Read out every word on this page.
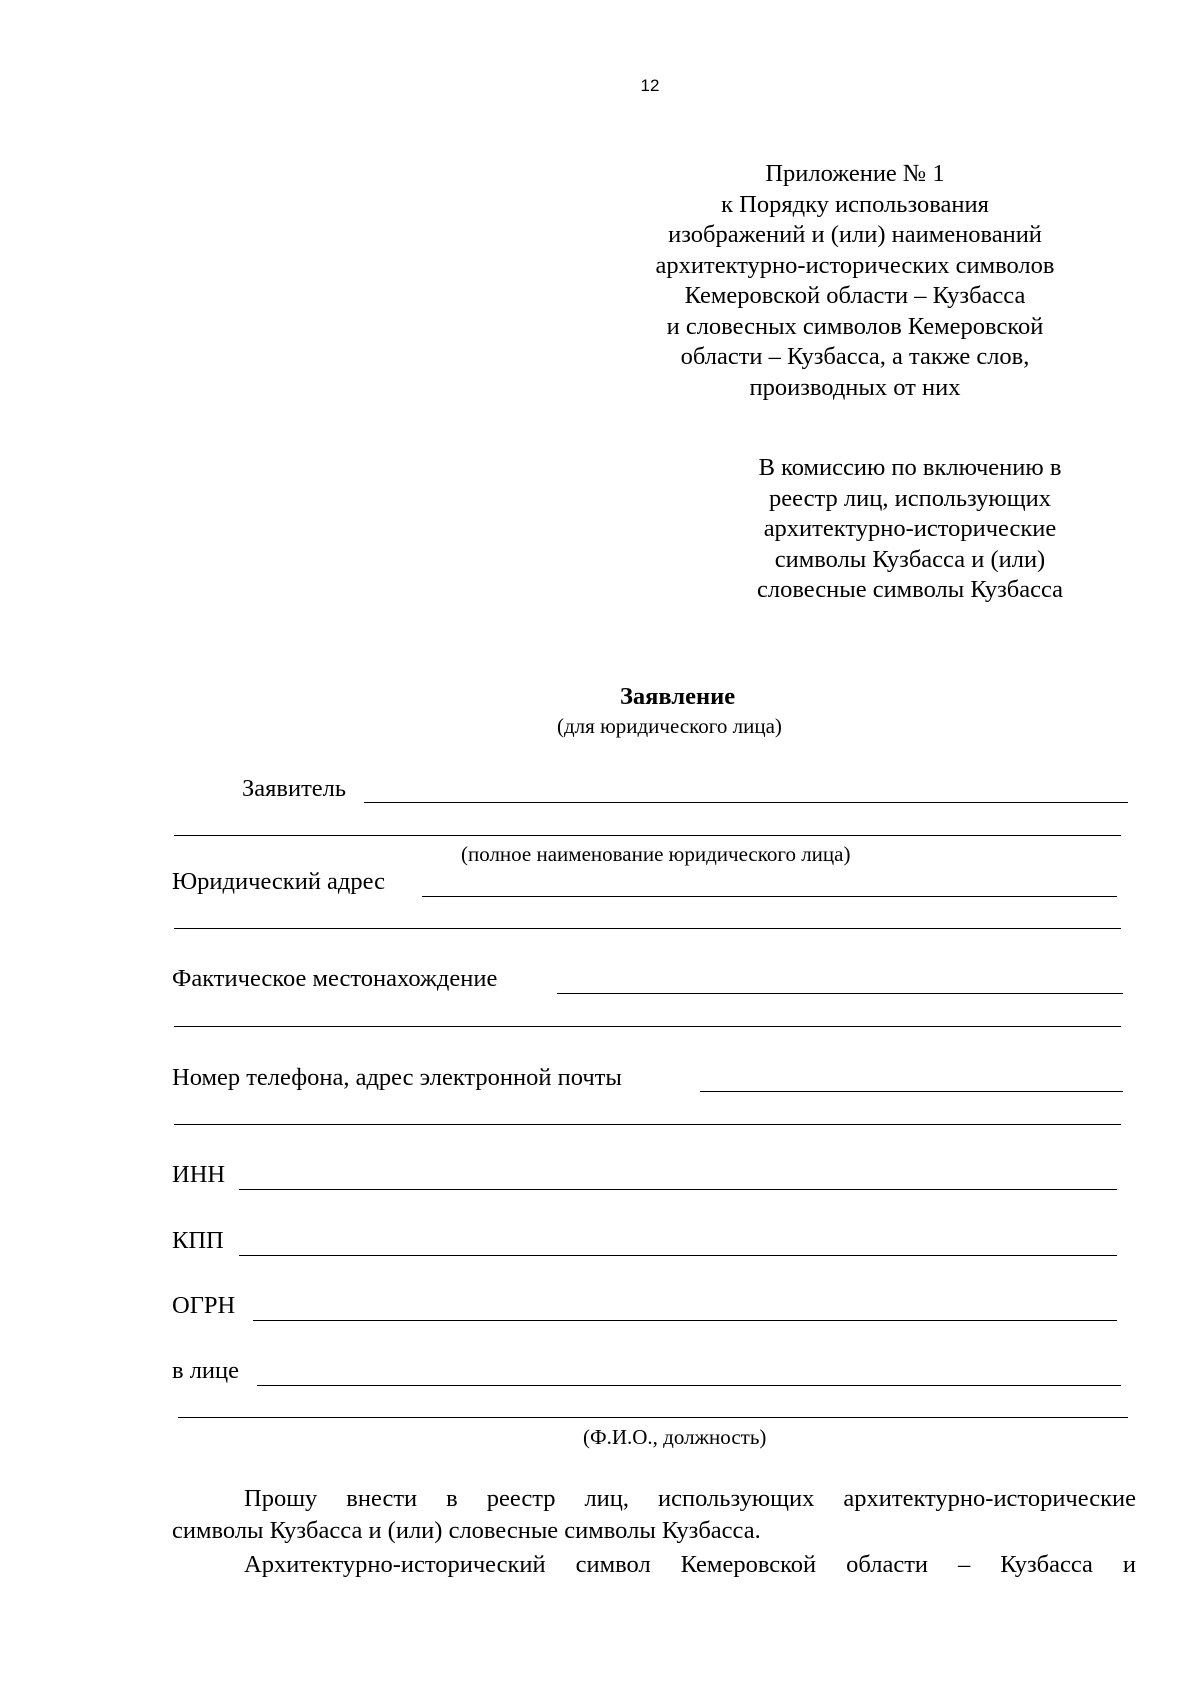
12
Приложение № 1
к Порядку использования
изображений и (или) наименований
архитектурно-исторических символов
Кемеровской области – Кузбасса
и словесных символов Кемеровской
области – Кузбасса, а также слов,
производных от них
В комиссию по включению в
реестр лиц, использующих
архитектурно-исторические
символы Кузбасса и (или)
словесные символы Кузбасса
Заявление
(для юридического лица)
Заявитель
(полное наименование юридического лица)
Юридический адрес
Фактическое местонахождение
Номер телефона, адрес электронной почты
ИНН
КПП
ОГРН
в лице
(Ф.И.О., должность)
Прошу внести в реестр лиц, использующих архитектурно-исторические
символы Кузбасса и (или) словесные символы Кузбасса.
Архитектурно-исторический символ Кемеровской области – Кузбасса и
